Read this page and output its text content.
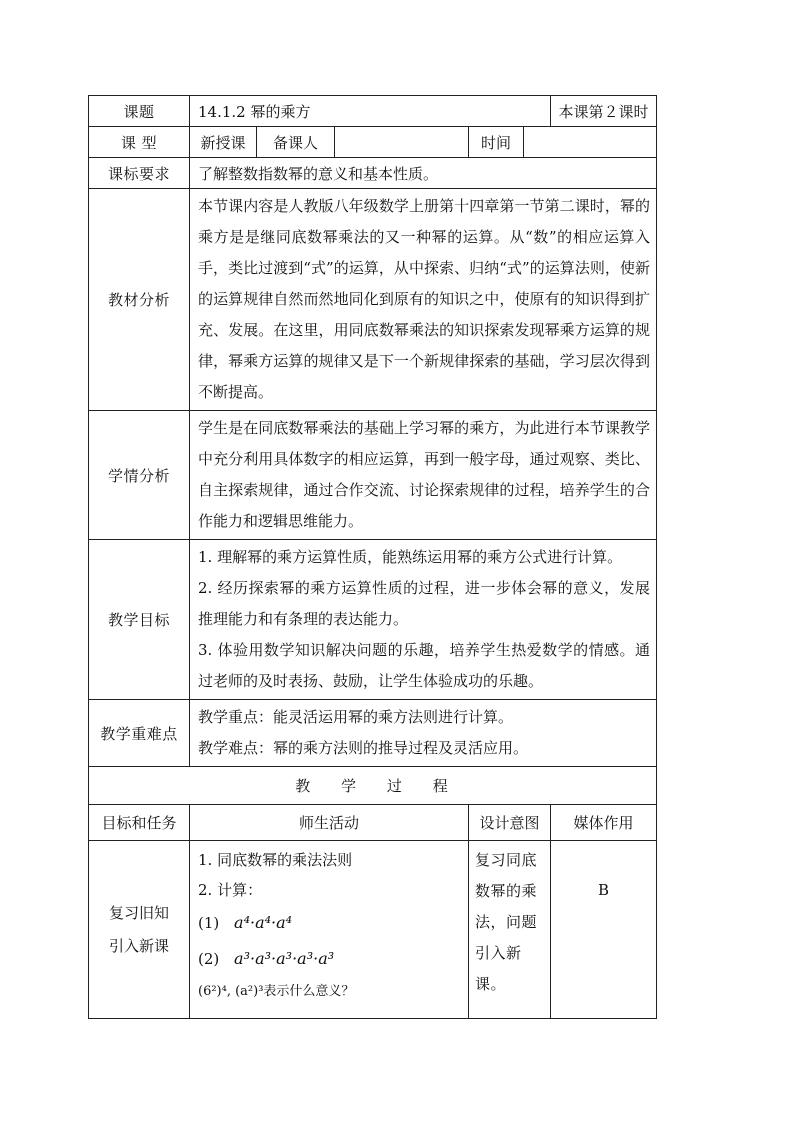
课题	14.1.2 幂的乘方					本课第２课时
课 型	新授课	备课人		时间		
课标要求	了解整数指数幂的意义和基本性质。					
教材分析	本节课内容是人教版八年级数学上册第十四章第一节第二课时，幂的乘方是是继同底数幂乘法的又一种幂的运算。从“数”的相应运算入手，类比过渡到“式”的运算，从中探索、归纳“式”的运算法则，使新的运算规律自然而然地同化到原有的知识之中，使原有的知识得到扩充、发展。在这里，用同底数幂乘法的知识探索发现幂乘方运算的规律，幂乘方运算的规律又是下一个新规律探索的基础，学习层次得到不断提高。					
学情分析	学生是在同底数幂乘法的基础上学习幂的乘方，为此进行本节课教学中充分利用具体数字的相应运算，再到一般字母，通过观察、类比、自主探索规律，通过合作交流、讨论探索规律的过程，培养学生的合作能力和逻辑思维能力。					
教学目标	1. 理解幂的乘方运算性质，能熟练运用幂的乘方公式进行计算。

2. 经历探索幂的乘方运算性质的过程，进一步体会幂的意义，发展推理能力和有条理的表达能力。

3. 体验用数学知识解决问题的乐趣，培养学生热爱数学的情感。通过老师的及时表扬、鼓励，让学生体验成功的乐趣。					

教学重难点	教学重点：能灵活运用幂的乘方法则进行计算。

教学难点：幂的乘方法则的推导过程及灵活应用。					

教 学 过 程						
目标和任务	师生活动			设计意图		媒体作用
复习旧知引入新课	1. 同底数幂的乘法法则
2. 计算：
(1) a⁴·a⁴·a⁴
(2) a³·a³·a³·a³·a³
(6²)⁴, (a²)³表示什么意义？			复习同底数幂的乘法，问题引入新课。		B
